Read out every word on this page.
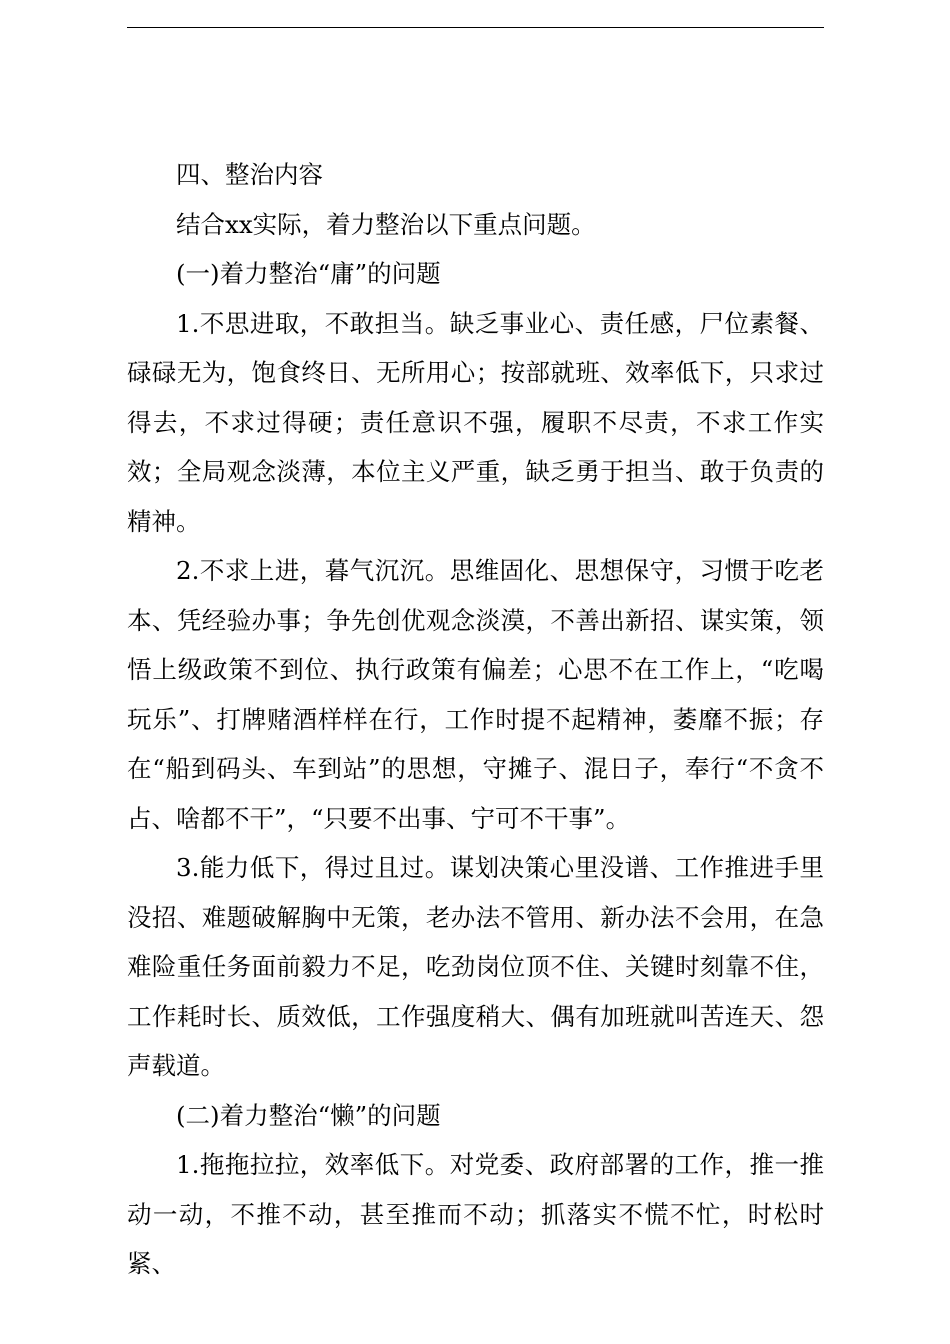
四、整治内容

结合xx实际，着力整治以下重点问题。

(一)着力整治“庸”的问题

1.不思进取，不敢担当。缺乏事业心、责任感，尸位素餐、碌碌无为，饱食终日、无所用心；按部就班、效率低下，只求过得去，不求过得硬；责任意识不强，履职不尽责，不求工作实效；全局观念淡薄，本位主义严重，缺乏勇于担当、敢于负责的精神。

2.不求上进，暮气沉沉。思维固化、思想保守，习惯于吃老本、凭经验办事；争先创优观念淡漠，不善出新招、谋实策，领悟上级政策不到位、执行政策有偏差；心思不在工作上，“吃喝玩乐”、打牌赌酒样样在行，工作时提不起精神，萎靡不振；存在“船到码头、车到站”的思想，守摊子、混日子，奉行“不贪不占、啥都不干”，“只要不出事、宁可不干事”。

3.能力低下，得过且过。谋划决策心里没谱、工作推进手里没招、难题破解胸中无策，老办法不管用、新办法不会用，在急难险重任务面前毅力不足，吃劲岗位顶不住、关键时刻靠不住，工作耗时长、质效低，工作强度稍大、偶有加班就叫苦连天、怨声载道。

(二)着力整治“懒”的问题

1.拖拖拉拉，效率低下。对党委、政府部署的工作，推一推动一动，不推不动，甚至推而不动；抓落实不慌不忙，时松时紧、
